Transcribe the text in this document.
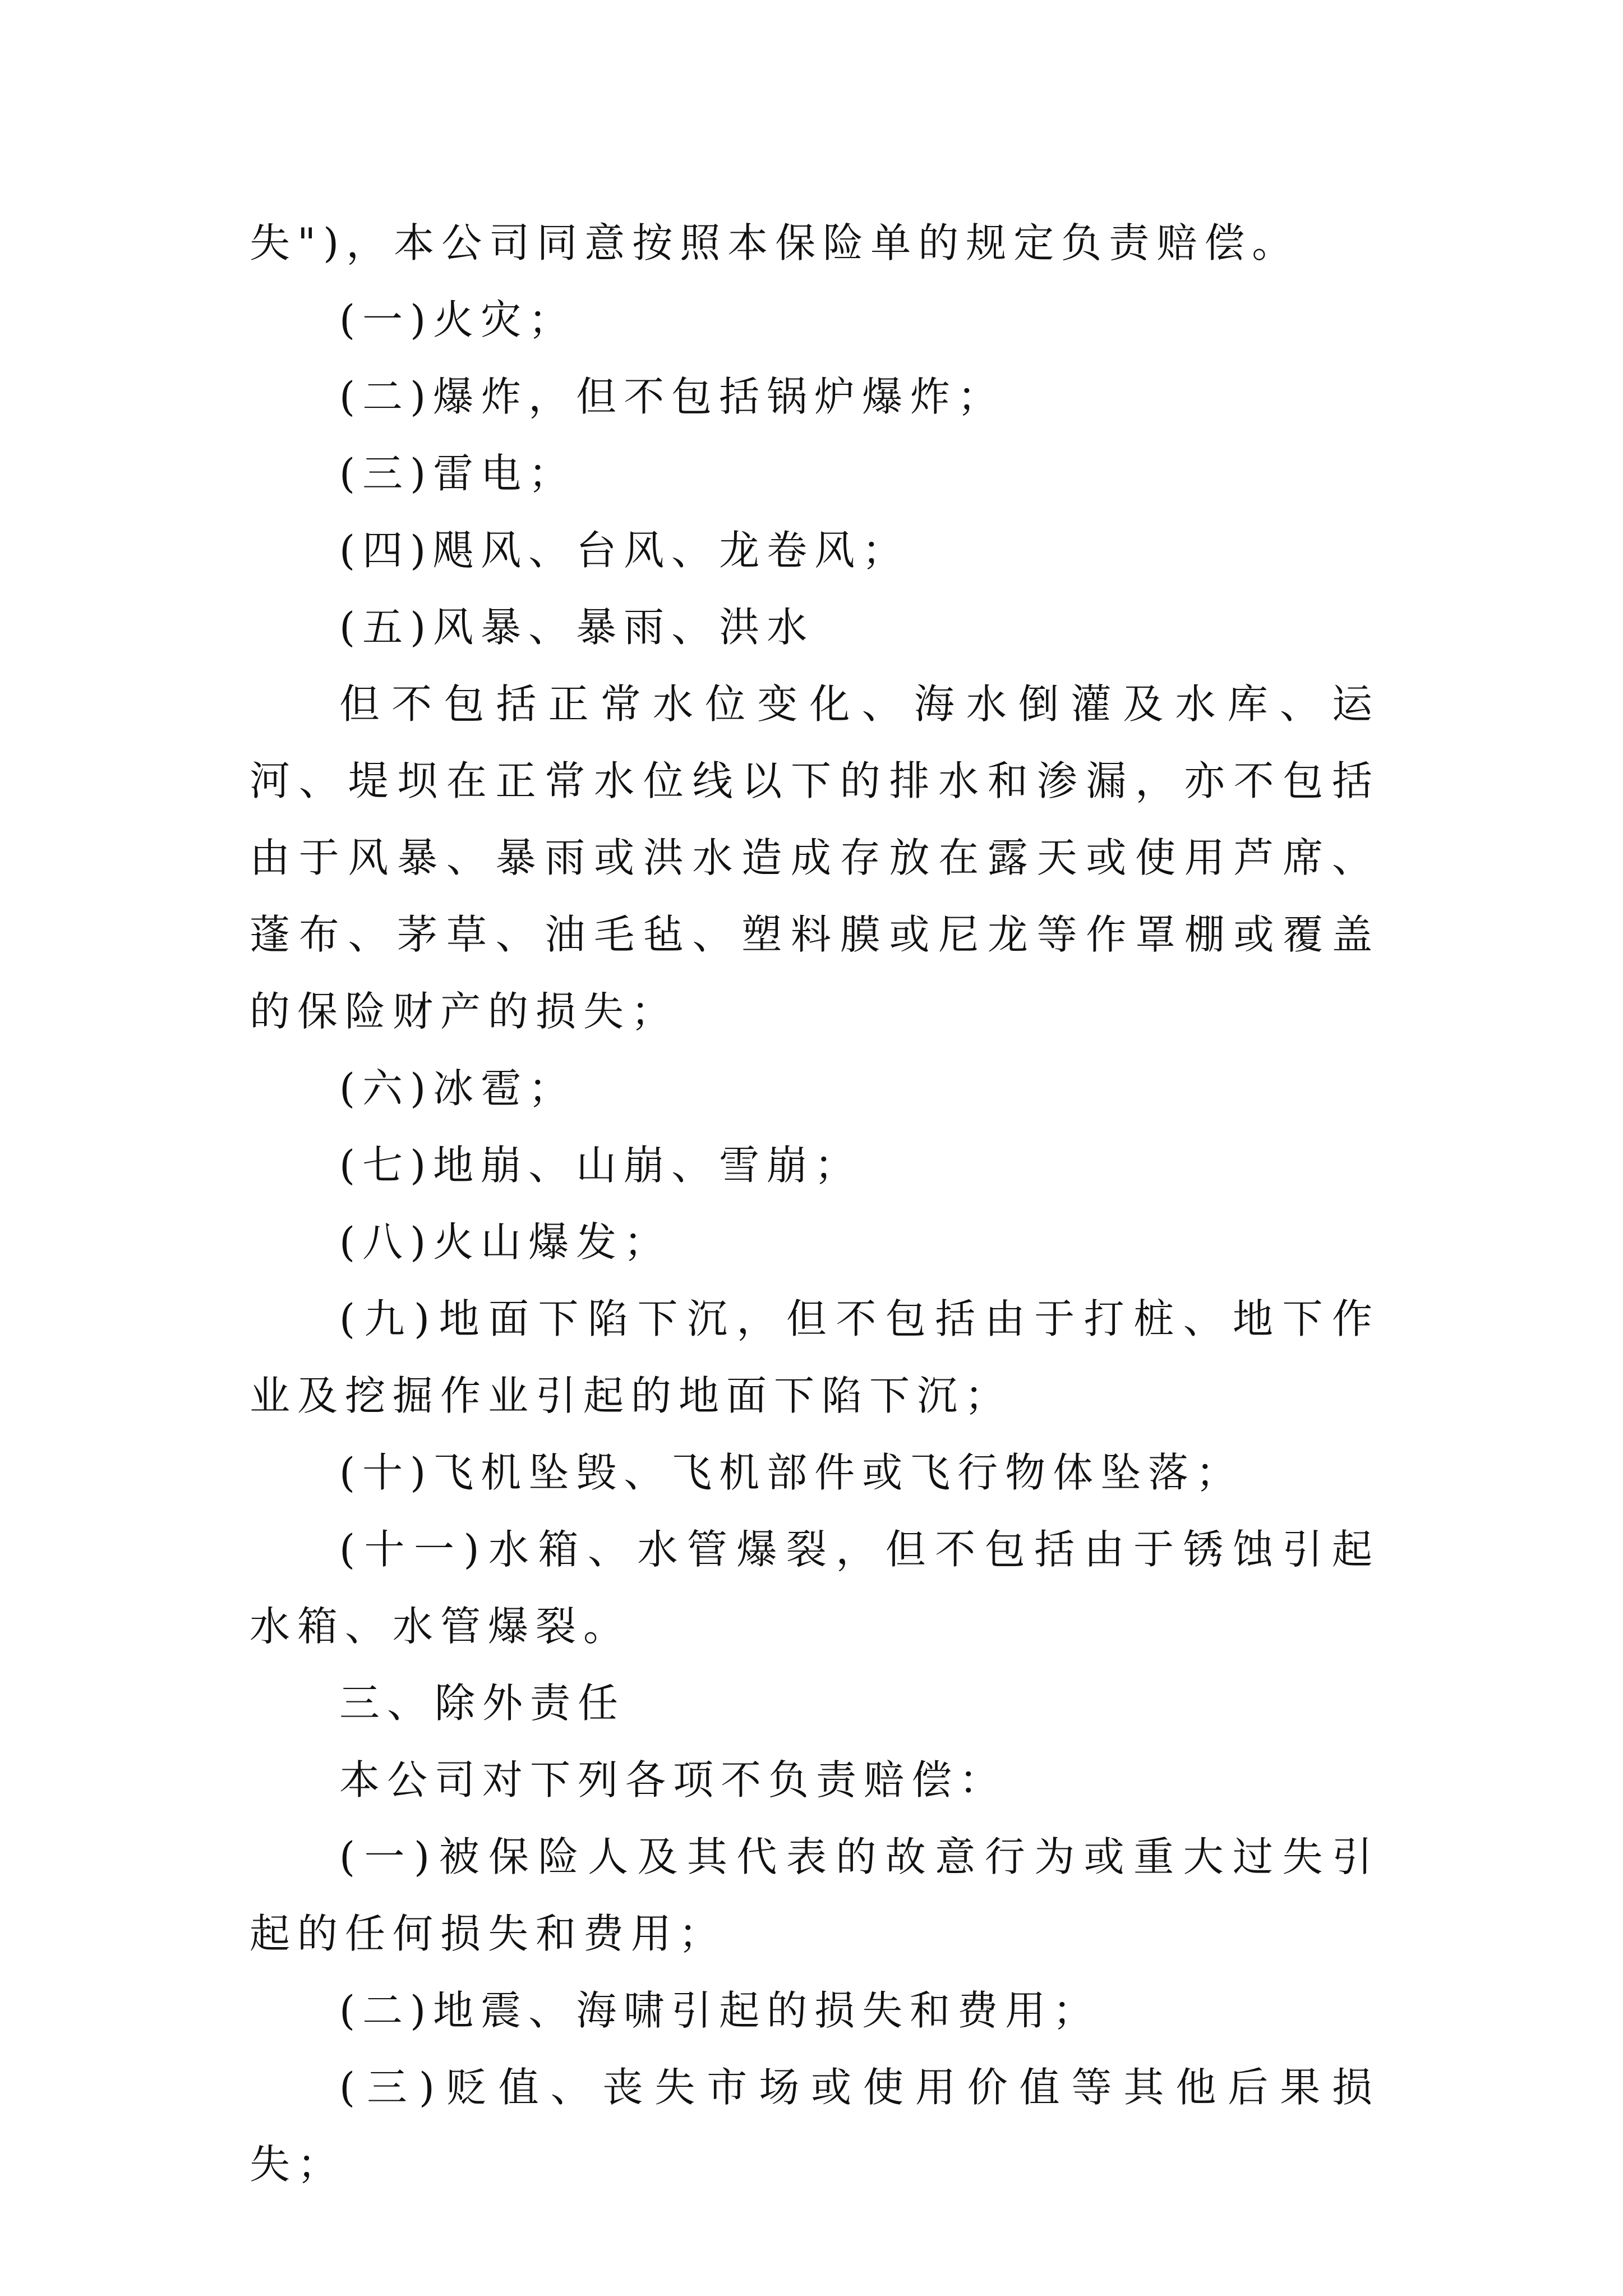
失")，本公司同意按照本保险单的规定负责赔偿。

(一)火灾；

(二)爆炸，但不包括锅炉爆炸；

(三)雷电；

(四)飓风、台风、龙卷风；

(五)风暴、暴雨、洪水

但不包括正常水位变化、海水倒灌及水库、运河、堤坝在正常水位线以下的排水和渗漏，亦不包括由于风暴、暴雨或洪水造成存放在露天或使用芦席、蓬布、茅草、油毛毡、塑料膜或尼龙等作罩棚或覆盖的保险财产的损失；

(六)冰雹；

(七)地崩、山崩、雪崩；

(八)火山爆发；

(九)地面下陷下沉，但不包括由于打桩、地下作业及挖掘作业引起的地面下陷下沉；

(十)飞机坠毁、飞机部件或飞行物体坠落；

(十一)水箱、水管爆裂，但不包括由于锈蚀引起水箱、水管爆裂。

三、除外责任

本公司对下列各项不负责赔偿：

(一)被保险人及其代表的故意行为或重大过失引起的任何损失和费用；

(二)地震、海啸引起的损失和费用；

(三)贬值、丧失市场或使用价值等其他后果损失；
